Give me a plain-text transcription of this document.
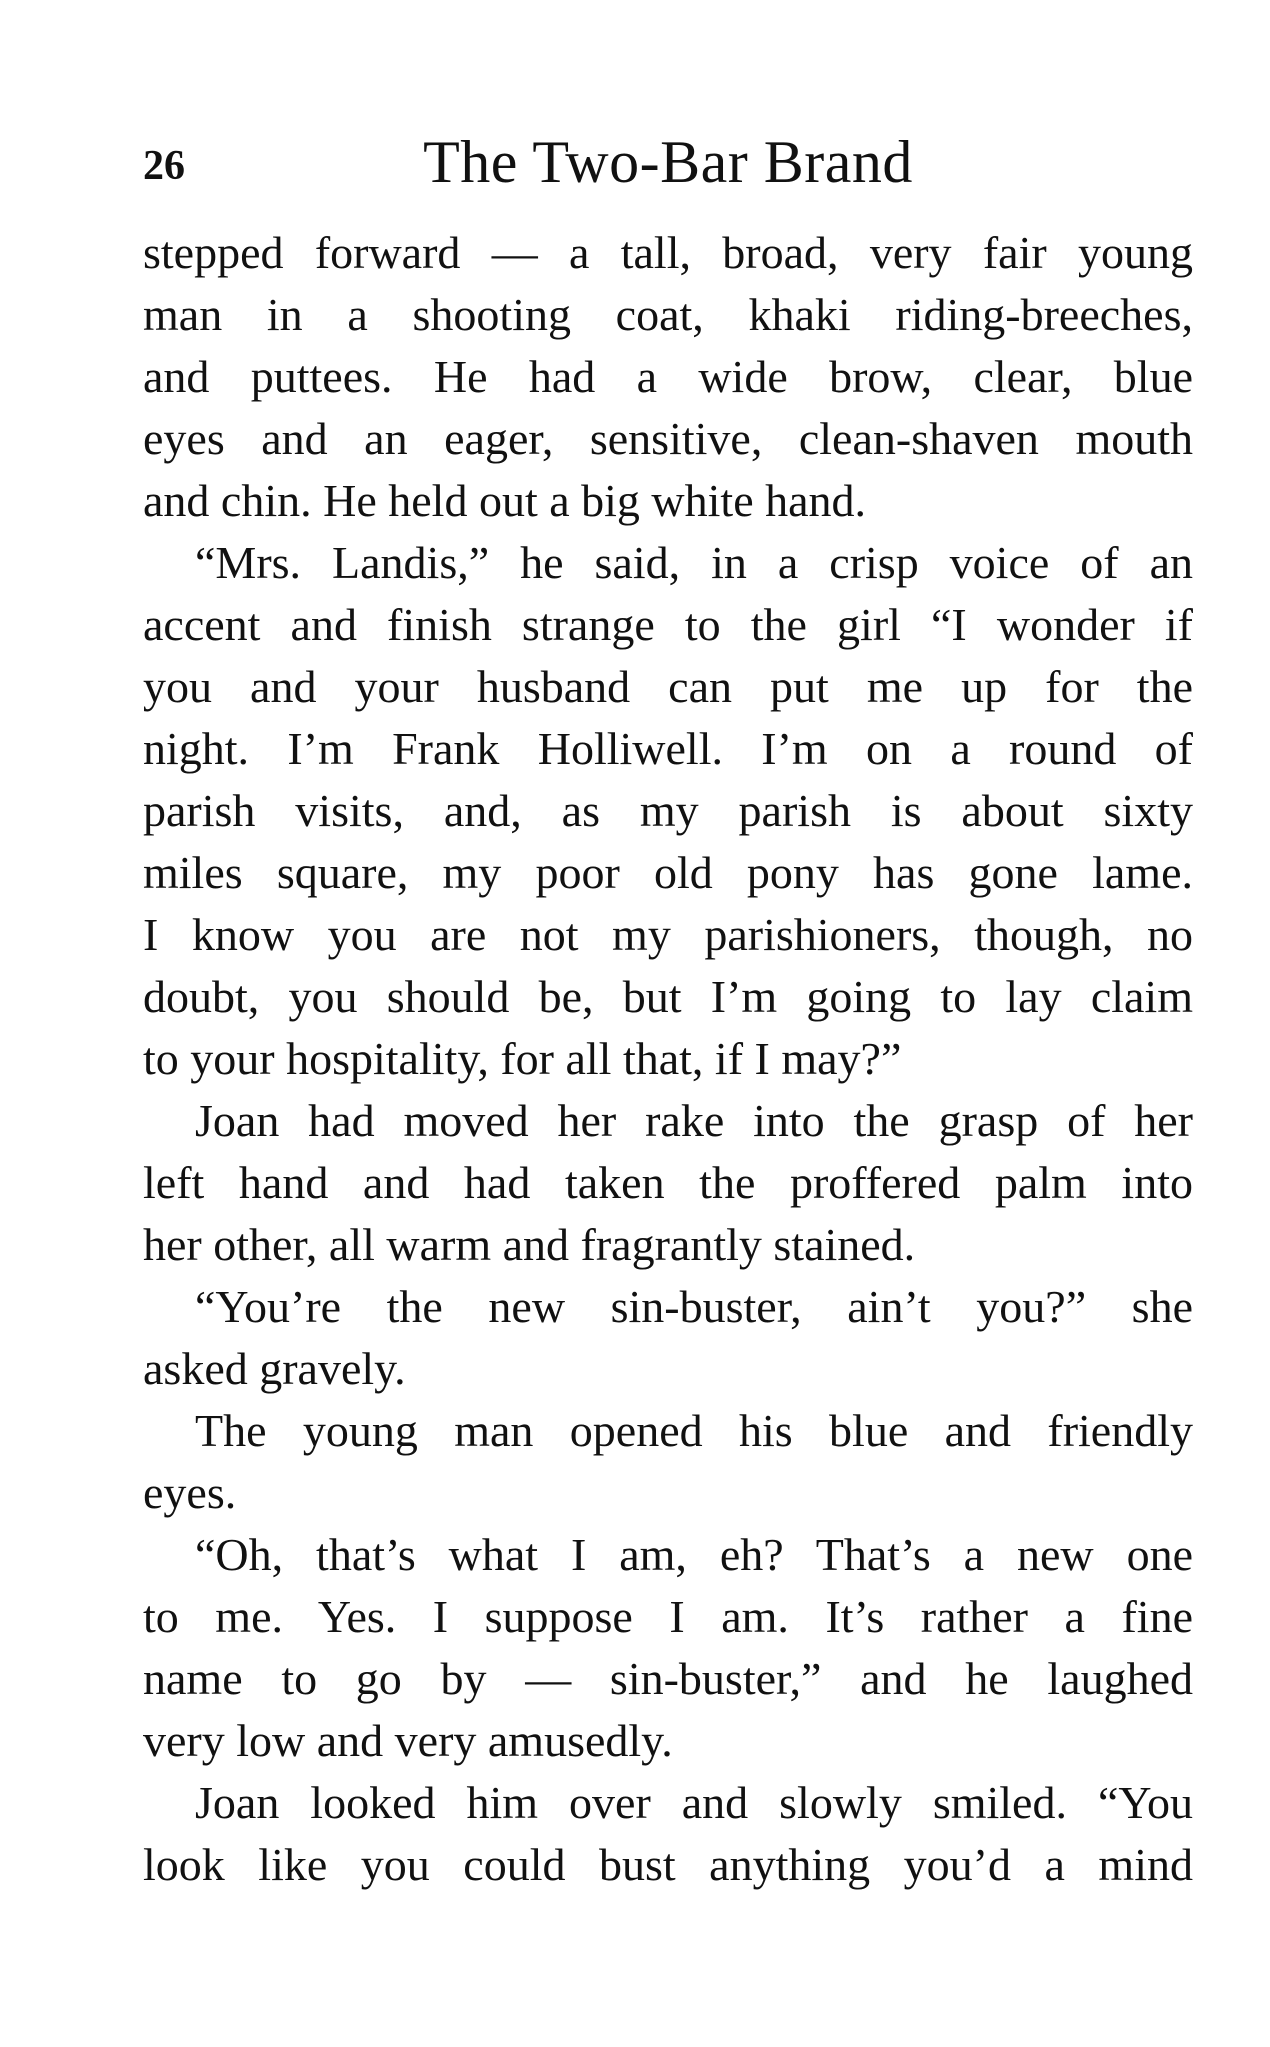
26	The Two-Bar Brand
stepped forward — a tall, broad, very fair young
man in a shooting coat, khaki riding-breeches,
and puttees. He had a wide brow, clear, blue
eyes and an eager, sensitive, clean-shaven mouth
and chin. He held out a big white hand.
“Mrs. Landis,” he said, in a crisp voice of an
accent and finish strange to the girl “I wonder if
you and your husband can put me up for the
night. I’m Frank Holliwell. I’m on a round of
parish visits, and, as my parish is about sixty
miles square, my poor old pony has gone lame.
I know you are not my parishioners, though, no
doubt, you should be, but I’m going to lay claim
to your hospitality, for all that, if I may?”
Joan had moved her rake into the grasp of her
left hand and had taken the proffered palm into
her other, all warm and fragrantly stained.
“You’re the new sin-buster, ain’t you?” she
asked gravely.
The young man opened his blue and friendly
eyes.
“Oh, that’s what I am, eh? That’s a new one
to me. Yes. I suppose I am. It’s rather a fine
name to go by — sin-buster,” and he laughed
very low and very amusedly.
Joan looked him over and slowly smiled. “You
look like you could bust anything you’d a mind
